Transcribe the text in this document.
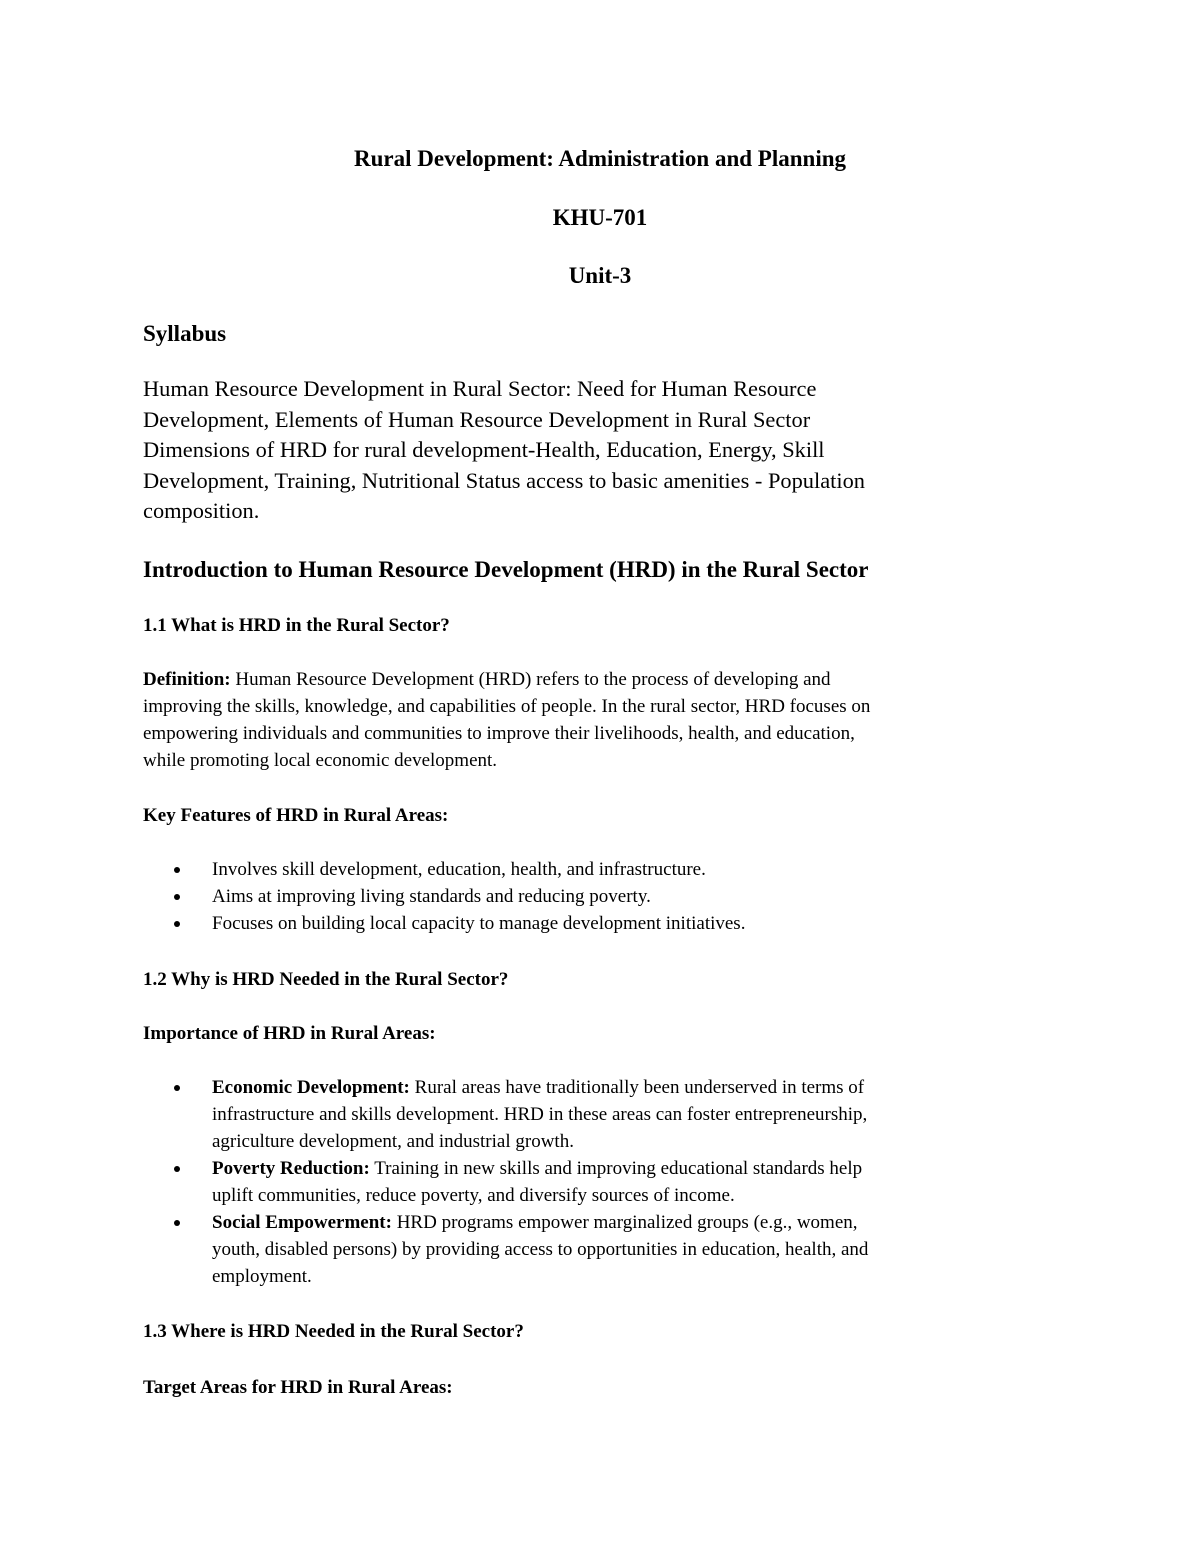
Rural Development: Administration and Planning
KHU-701
Unit-3
Syllabus
Human Resource Development in Rural Sector: Need for Human Resource
Development, Elements of Human Resource Development in Rural Sector
Dimensions of HRD for rural development-Health, Education, Energy, Skill
Development, Training, Nutritional Status access to basic amenities - Population
composition.
Introduction to Human Resource Development (HRD) in the Rural Sector
1.1 What is HRD in the Rural Sector?
Definition: Human Resource Development (HRD) refers to the process of developing and
improving the skills, knowledge, and capabilities of people. In the rural sector, HRD focuses on
empowering individuals and communities to improve their livelihoods, health, and education,
while promoting local economic development.
Key Features of HRD in Rural Areas:
Involves skill development, education, health, and infrastructure.
Aims at improving living standards and reducing poverty.
Focuses on building local capacity to manage development initiatives.
1.2 Why is HRD Needed in the Rural Sector?
Importance of HRD in Rural Areas:
Economic Development: Rural areas have traditionally been underserved in terms of
infrastructure and skills development. HRD in these areas can foster entrepreneurship,
agriculture development, and industrial growth.
Poverty Reduction: Training in new skills and improving educational standards help
uplift communities, reduce poverty, and diversify sources of income.
Social Empowerment: HRD programs empower marginalized groups (e.g., women,
youth, disabled persons) by providing access to opportunities in education, health, and
employment.
1.3 Where is HRD Needed in the Rural Sector?
Target Areas for HRD in Rural Areas:
